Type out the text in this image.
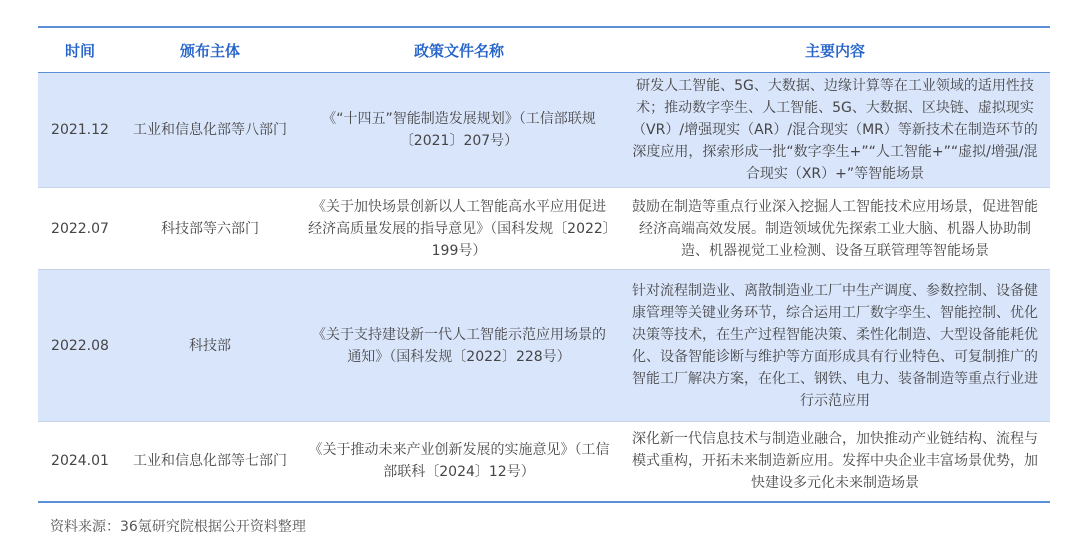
时间	颁布主体	政策文件名称	主要内容
2021.12	工业和信息化部等八部门	《“十四五”智能制造发展规划》（工信部联规〔2021〕207号）	研发人工智能、5G、大数据、边缘计算等在工业领域的适用性技术；推动数字孪生、人工智能、5G、大数据、区块链、虚拟现实（VR）/增强现实（AR）/混合现实（MR）等新技术在制造环节的深度应用，探索形成一批“数字孪生+”“人工智能+”“虚拟/增强/混合现实（XR）+”等智能场景
2022.07	科技部等六部门	《关于加快场景创新以人工智能高水平应用促进经济高质量发展的指导意见》（国科发规〔2022〕199号）	鼓励在制造等重点行业深入挖掘人工智能技术应用场景，促进智能经济高端高效发展。制造领域优先探索工业大脑、机器人协助制造、机器视觉工业检测、设备互联管理等智能场景
2022.08	科技部	《关于支持建设新一代人工智能示范应用场景的通知》（国科发规〔2022〕228号）	针对流程制造业、离散制造业工厂中生产调度、参数控制、设备健康管理等关键业务环节，综合运用工厂数字孪生、智能控制、优化决策等技术，在生产过程智能决策、柔性化制造、大型设备能耗优化、设备智能诊断与维护等方面形成具有行业特色、可复制推广的智能工厂解决方案，在化工、钢铁、电力、装备制造等重点行业进行示范应用
2024.01	工业和信息化部等七部门	《关于推动未来产业创新发展的实施意见》（工信部联科〔2024〕12号）	深化新一代信息技术与制造业融合，加快推动产业链结构、流程与模式重构，开拓未来制造新应用。发挥中央企业丰富场景优势，加快建设多元化未来制造场景
资料来源：36氪研究院根据公开资料整理
